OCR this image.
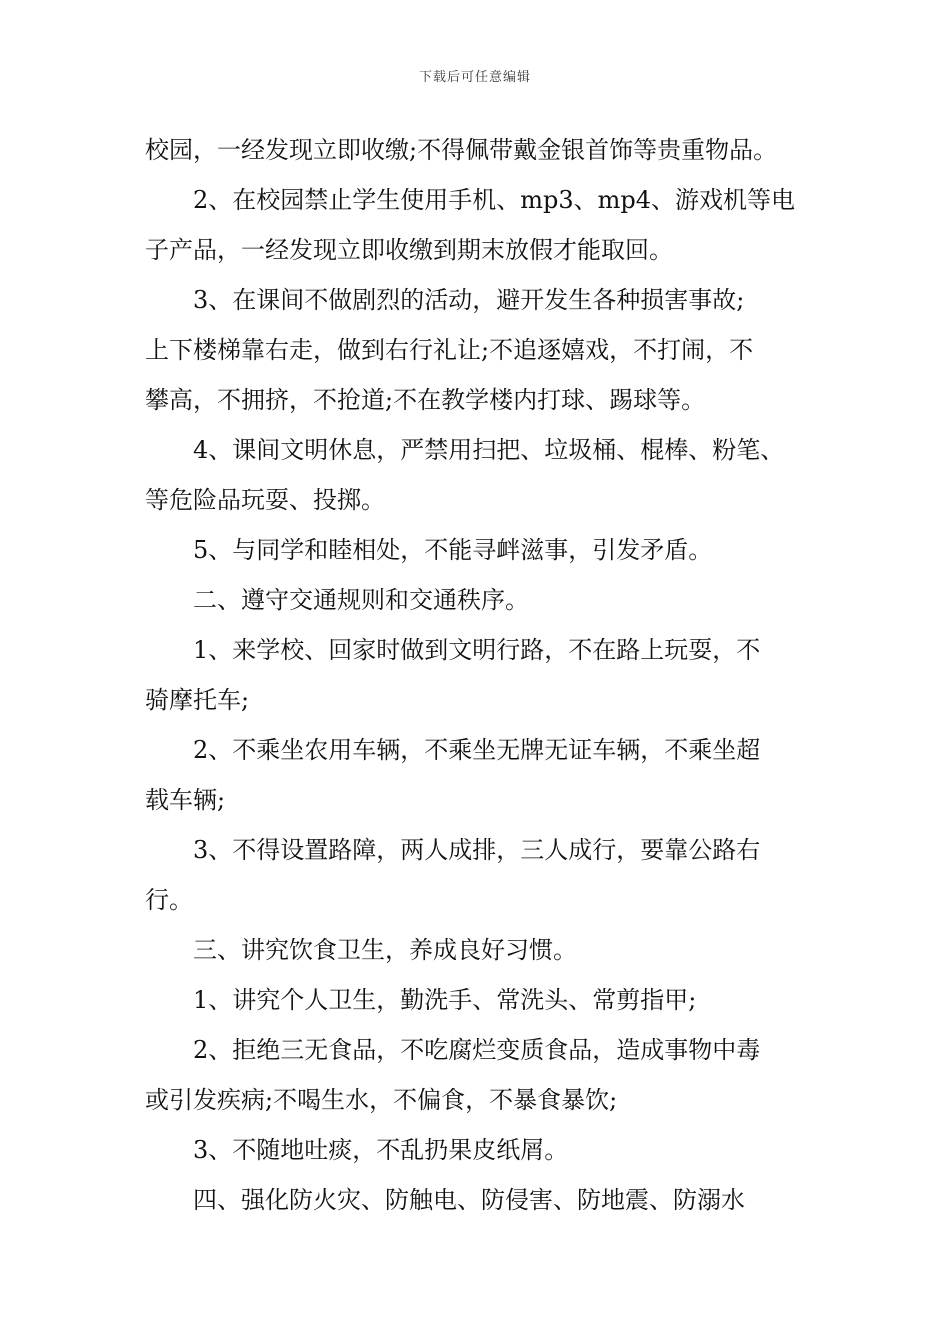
下载后可任意编辑
校园，一经发现立即收缴;不得佩带戴金银首饰等贵重物品。
2、在校园禁止学生使用手机、mp3、mp4、游戏机等电
子产品，一经发现立即收缴到期末放假才能取回。
3、在课间不做剧烈的活动，避开发生各种损害事故;
上下楼梯靠右走，做到右行礼让;不追逐嬉戏，不打闹，不
攀高，不拥挤，不抢道;不在教学楼内打球、踢球等。
4、课间文明休息，严禁用扫把、垃圾桶、棍棒、粉笔、
等危险品玩耍、投掷。
5、与同学和睦相处，不能寻衅滋事，引发矛盾。
二、遵守交通规则和交通秩序。
1、来学校、回家时做到文明行路，不在路上玩耍，不
骑摩托车;
2、不乘坐农用车辆，不乘坐无牌无证车辆，不乘坐超
载车辆;
3、不得设置路障，两人成排，三人成行，要靠公路右
行。
三、讲究饮食卫生，养成良好习惯。
1、讲究个人卫生，勤洗手、常洗头、常剪指甲;
2、拒绝三无食品，不吃腐烂变质食品，造成事物中毒
或引发疾病;不喝生水，不偏食，不暴食暴饮;
3、不随地吐痰，不乱扔果皮纸屑。
四、强化防火灾、防触电、防侵害、防地震、防溺水
